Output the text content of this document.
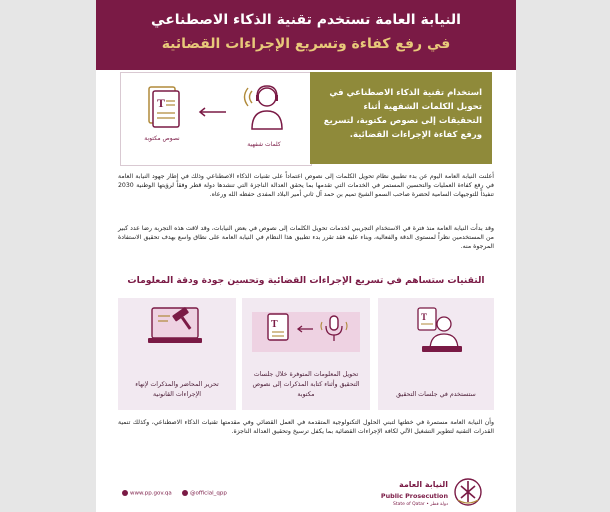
النيابة العامة تستخدم تقنية الذكاء الاصطناعي
في رفع كفاءة وتسريع الإجراءات القضائية
T
نصوص مكتوبة
كلمات شفهية
استخدام تقنية الذكاء الاصطناعي في تحويل الكلمات الشفهية أثناء التحقيقات إلى نصوص مكتوبة، لتسريع ورفع كفاءة الإجراءات القضائية.
أعلنت النيابة العامة اليوم عن بدء تطبيق نظام تحويل الكلمات إلى نصوص اعتماداً على تقنيات الذكاء الاصطناعي وذلك في إطار جهود النيابة العامة في رفع كفاءة العمليات والتحسين المستمر في الخدمات التي تقدمها بما يحقق العدالة الناجزة التي تنشدها دولة قطر وفقاً لرؤيتها الوطنية 2030 تنفيذاً للتوجيهات السامية لحضرة صاحب السمو الشيخ تميم بن حمد آل ثاني أمير البلاد المفدى حفظه الله ورعاه.
وقد بدأت النيابة العامة منذ فترة في الاستخدام التجريبي لخدمات تحويل الكلمات إلى نصوص في بعض النيابات، وقد لاقت هذه التجربة رضا عدد كبير من المستخدمين نظراً لمستوى الدقة والفعالية، وبناء عليه فقد تقرر بدء تطبيق هذا النظام في النيابة العامة على نطاق واسع بهدف تحقيق الاستفادة المرجوة منه.
التقنيات ستساهم في تسريع الإجراءات القضائية وتحسين جودة ودقة المعلومات
تحرير المحاضر والمذكرات لإنهاء الإجراءات القانونية
T
تحويل المعلومات المتوفرة خلال جلسات التحقيق وأثناء كتابة المذكرات إلى نصوص مكتوبة
T
ستستخدم في جلسات التحقيق
وأن النيابة العامة مستمرة في خطتها لتبني الحلول التكنولوجية المتقدمة في العمل القضائي وفي مقدمتها تقنيات الذكاء الاصطناعي، وكذلك تنمية القدرات التقنية لتطوير التشغيل الآلي لكافة الإجراءات القضائية بما يكفل ترسيخ وتحقيق العدالة الناجزة.
www.pp.gov.qa	@official_qpp
النيابة العامة
Public Prosecution
State of Qatar • دولة قطر
